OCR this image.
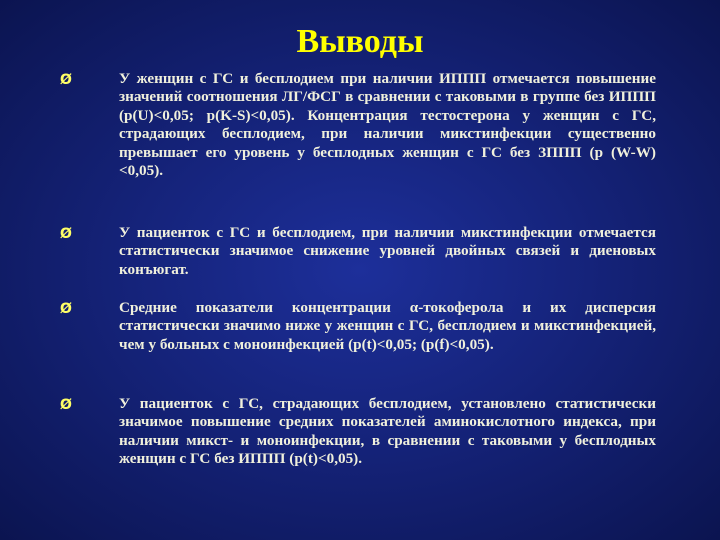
Выводы
Ø	У женщин с ГС и бесплодием при наличии ИППП отмечается повышение значений соотношения ЛГ/ФСГ в сравнении с таковыми в группе без ИППП (p(U)<0,05; p(K-S)<0,05). Концентрация тестостерона у женщин с ГС, страдающих бесплодием, при наличии микстинфекции существенно превышает его уровень у бесплодных женщин с ГС без ЗППП (p (W-W) <0,05).

Ø	У пациенток с ГС и бесплодием, при наличии микстинфекции отмечается статистически значимое снижение уровней двойных связей и диеновых конъюгат.

Ø	Средние показатели концентрации α-токоферола и их дисперсия статистически значимо ниже у женщин с ГС, бесплодием и микстинфекцией, чем у больных с моноинфекцией (p(t)<0,05; (p(f)<0,05).

Ø	У пациенток с ГС, страдающих бесплодием, установлено статистически значимое повышение средних показателей аминокислотного индекса, при наличии микст- и моноинфекции, в сравнении с таковыми у бесплодных женщин с ГС без ИППП (p(t)<0,05).
